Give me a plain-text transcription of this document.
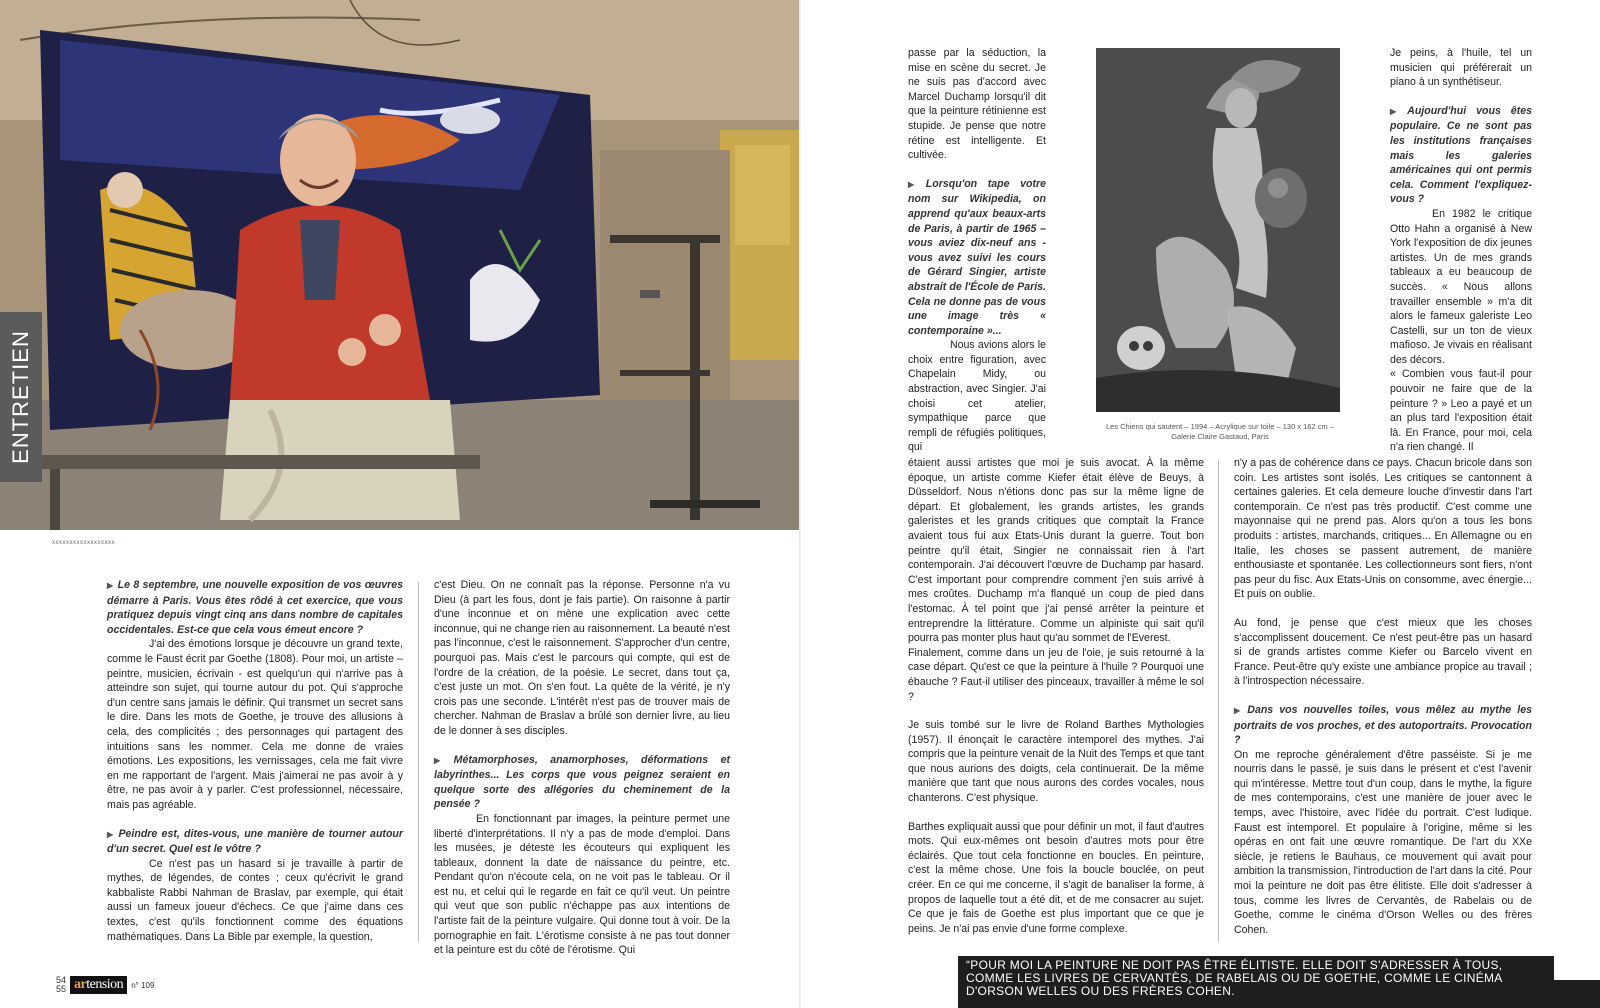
xxxxxxxxxxxxxxxxxx
ENTRETIEN

▶ Le 8 septembre, une nouvelle exposition de vos œuvres démarre à Paris. Vous êtes rôdé à cet exercice, que vous pratiquez depuis vingt cinq ans dans nombre de capitales occidentales. Est-ce que cela vous émeut encore ?

J'ai des émotions lorsque je découvre un grand texte, comme le Faust écrit par Goethe (1808). Pour moi, un artiste – peintre, musicien, écrivain - est quelqu'un qui n'arrive pas à atteindre son sujet, qui tourne autour du pot. Qui s'approche d'un centre sans jamais le définir. Qui transmet un secret sans le dire. Dans les mots de Goethe, je trouve des allusions à cela, des complicités ; des personnages qui partagent des intuitions sans les nommer. Cela me donne de vraies émotions. Les expositions, les vernissages, cela me fait vivre en me rapportant de l'argent. Mais j'aimerai ne pas avoir à y être, ne pas avoir à y parler. C'est professionnel, nécessaire, mais pas agréable.

▶ Peindre est, dites-vous, une manière de tourner autour d'un secret. Quel est le vôtre ?

Ce n'est pas un hasard si je travaille à partir de mythes, de légendes, de contes ; ceux qu'écrivit le grand kabbaliste Rabbi Nahman de Braslav, par exemple, qui était aussi un fameux joueur d'échecs. Ce que j'aime dans ces textes, c'est qu'ils fonctionnent comme des équations mathématiques. Dans La Bible par exemple, la question,

c'est Dieu. On ne connaît pas la réponse. Personne n'a vu Dieu (à part les fous, dont je fais partie). On raisonne à partir d'une inconnue et on mène une explication avec cette inconnue, qui ne change rien au raisonnement. La beauté n'est pas l'inconnue, c'est le raisonnement. S'approcher d'un centre, pourquoi pas. Mais c'est le parcours qui compte, qui est de l'ordre de la création, de la poésie. Le secret, dans tout ça, c'est juste un mot. On s'en fout. La quête de la vérité, je n'y crois pas une seconde. L'intérêt n'est pas de trouver mais de chercher. Nahman de Braslav a brûlé son dernier livre, au lieu de le donner à ses disciples.

▶ Métamorphoses, anamorphoses, déformations et labyrinthes... Les corps que vous peignez seraient en quelque sorte des allégories du cheminement de la pensée ?

En fonctionnant par images, la peinture permet une liberté d'interprétations. Il n'y a pas de mode d'emploi. Dans les musées, je déteste les écouteurs qui expliquent les tableaux, donnent la date de naissance du peintre, etc. Pendant qu'on n'écoute cela, on ne voit pas le tableau. Or il est nu, et celui qui le regarde en fait ce qu'il veut. Un peintre qui veut que son public n'échappe pas aux intentions de l'artiste fait de la peinture vulgaire. Qui donne tout à voir. De la pornographie en fait. L'érotisme consiste à ne pas tout donner et la peinture est du côté de l'érotisme. Qui

passe par la séduction, la mise en scène du secret. Je ne suis pas d'accord avec Marcel Duchamp lorsqu'il dit que la peinture rétinienne est stupide. Je pense que notre rétine est intelligente. Et cultivée.

▶ Lorsqu'on tape votre nom sur Wikipedia, on apprend qu'aux beaux-arts de Paris, à partir de 1965 – vous aviez dix-neuf ans - vous avez suivi les cours de Gérard Singier, artiste abstrait de l'École de Paris. Cela ne donne pas de vous une image très « contemporaine »...

Nous avions alors le choix entre figuration, avec Chapelain Midy, ou abstraction, avec Singier. J'ai choisi cet atelier, sympathique parce que rempli de réfugiés politiques, qui

Les Chiens qui sautent – 1994 – Acrylique sur toile – 130 x 162 cm –
Galerie Claire Gastaud, Paris

étaient aussi artistes que moi je suis avocat. À la même époque, un artiste comme Kiefer était élève de Beuys, à Düsseldorf. Nous n'étions donc pas sur la même ligne de départ. Et globalement, les grands artistes, les grands galeristes et les grands critiques que comptait la France avaient tous fui aux Etats-Unis durant la guerre. Tout bon peintre qu'il était, Singier ne connaissait rien à l'art contemporain. J'ai découvert l'œuvre de Duchamp par hasard. C'est important pour comprendre comment j'en suis arrivé à mes croûtes. Duchamp m'a flanqué un coup de pied dans l'estomac. À tel point que j'ai pensé arrêter la peinture et entreprendre la littérature. Comme un alpiniste qui sait qu'il pourra pas monter plus haut qu'au sommet de l'Everest.

Finalement, comme dans un jeu de l'oie, je suis retourné à la case départ. Qu'est ce que la peinture à l'huile ? Pourquoi une ébauche ? Faut-il utiliser des pinceaux, travailler à même le sol ?

Je suis tombé sur le livre de Roland Barthes Mythologies (1957). Il énonçait le caractère intemporel des mythes. J'ai compris que la peinture venait de la Nuit des Temps et que tant que nous aurions des doigts, cela continuerait. De la même manière que tant que nous aurons des cordes vocales, nous chanterons. C'est physique.

Barthes expliquait aussi que pour définir un mot, il faut d'autres mots. Qui eux-mêmes ont besoin d'autres mots pour être éclairés. Que tout cela fonctionne en boucles. En peinture, c'est la même chose. Une fois la boucle bouclée, on peut créer. En ce qui me concerne, il s'agit de banaliser la forme, à propos de laquelle tout a été dit, et de me consacrer au sujet. Ce que je fais de Goethe est plus important que ce que je peins. Je n'ai pas envie d'une forme complexe.

Je peins, à l'huile, tel un musicien qui préférerait un piano à un synthétiseur.

▶ Aujourd'hui vous êtes populaire. Ce ne sont pas les institutions françaises mais les galeries américaines qui ont permis cela. Comment l'expliquez-vous ?

En 1982 le critique Otto Hahn a organisé à New York l'exposition de dix jeunes artistes. Un de mes grands tableaux a eu beaucoup de succès. « Nous allons travailler ensemble » m'a dit alors le fameux galeriste Leo Castelli, sur un ton de vieux mafioso. Je vivais en réalisant des décors.

« Combien vous faut-il pour pouvoir ne faire que de la peinture ? » Leo a payé et un an plus tard l'exposition était là. En France, pour moi, cela n'a rien changé. Il

n'y a pas de cohérence dans ce pays. Chacun bricole dans son coin. Les artistes sont isolés. Les critiques se cantonnent à certaines galeries. Et cela demeure louche d'investir dans l'art contemporain. Ce n'est pas très productif. C'est comme une mayonnaise qui ne prend pas. Alors qu'on a tous les bons produits : artistes, marchands, critiques... En Allemagne ou en Italie, les choses se passent autrement, de manière enthousiaste et spontanée. Les collectionneurs sont fiers, n'ont pas peur du fisc. Aux Etats-Unis on consomme, avec énergie... Et puis on oublie.

Au fond, je pense que c'est mieux que les choses s'accomplissent doucement. Ce n'est peut-être pas un hasard si de grands artistes comme Kiefer ou Barcelo vivent en France. Peut-être qu'y existe une ambiance propice au travail ; à l'introspection nécessaire.

▶ Dans vos nouvelles toiles, vous mêlez au mythe les portraits de vos proches, et des autoportraits. Provocation ?

On me reproche généralement d'être passéiste. Si je me nourris dans le passé, je suis dans le présent et c'est l'avenir qui m'intéresse. Mettre tout d'un coup, dans le mythe, la figure de mes contemporains, c'est une manière de jouer avec le temps, avec l'histoire, avec l'idée du portrait. C'est ludique. Faust est intemporel. Et populaire à l'origine, même si les opéras en ont fait une œuvre romantique. De l'art du XXe siècle, je retiens le Bauhaus, ce mouvement qui avait pour ambition la transmission, l'introduction de l'art dans la cité. Pour moi la peinture ne doit pas être élitiste. Elle doit s'adresser à tous, comme les livres de Cervantès, de Rabelais ou de Goethe, comme le cinéma d'Orson Welles ou des frères Cohen.

54
55 artension	n° 109
“POUR MOI LA PEINTURE NE DOIT PAS ÊTRE ÉLITISTE. ELLE DOIT S'ADRESSER À TOUS, COMME LES LIVRES DE CERVANTÈS, DE RABELAIS OU DE GOETHE, COMME LE CINÉMA D'ORSON WELLES OU DES FRÈRES COHEN.
